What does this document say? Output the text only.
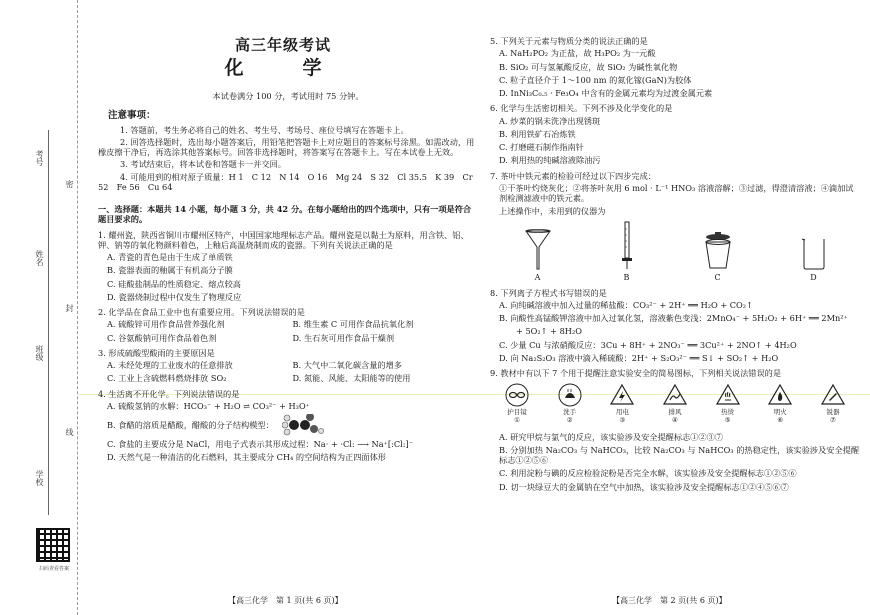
考号
姓名
班级
学校
密
封
线
扫码查看答案
高三年级考试
化　学
本试卷满分 100 分，考试用时 75 分钟。
注意事项：

1. 答题前，考生务必将自己的姓名、考生号、考场号、座位号填写在答题卡上。

2. 回答选择题时，选出每小题答案后，用铅笔把答题卡上对应题目的答案标号涂黑。如需改动，用橡皮擦干净后，再选涂其他答案标号。回答非选择题时，将答案写在答题卡上。写在本试卷上无效。

3. 考试结束后，将本试卷和答题卡一并交回。

4. 可能用到的相对原子质量：H 1　C 12　N 14　O 16　Mg 24　S 32　Cl 35.5　K 39　Cr 52　Fe 56　Cu 64

一、选择题：本题共 14 小题，每小题 3 分，共 42 分。在每小题给出的四个选项中，只有一项是符合题目要求的。
1. 耀州瓷，陕西省铜川市耀州区特产，中国国家地理标志产品。耀州瓷是以黏土为原料，用含铁、铝、钾、钠等的氧化物颜料着色，上釉后高温烧制而成的瓷器。下列有关说法正确的是
A. 青瓷的青色是由于生成了单质铁
B. 瓷器表面的釉属于有机高分子膜
C. 硅酸盐制品的性质稳定、熔点较高
D. 瓷器烧制过程中仅发生了物理反应
2. 化学品在食品工业中也有重要应用。下列说法错误的是
A. 硫酸锌可用作食品营养强化剂	B. 维生素 C 可用作食品抗氧化剂
C. 谷氨酸钠可用作食品着色剂	D. 生石灰可用作食品干燥剂
3. 形成硫酸型酸雨的主要原因是
A. 未经处理的工业废水的任意排放	B. 大气中二氧化碳含量的增多
C. 工业上含硫燃料燃烧排放 SO₂	D. 氮能、风能、太阳能等的使用
4. 生活离不开化学。下列说法错误的是
A. 硫酸氢钠的水解：HCO₃⁻ + H₂O ⇌ CO₃²⁻ + H₃O⁺
B. 食醋的溶质是醋酸，醋酸的分子结构模型：
C. 食盐的主要成分是 NaCl，用电子式表示其形成过程：Na· + ·Cl: ⟶ Na⁺[:Cl:]⁻
D. 天然气是一种清洁的化石燃料，其主要成分 CH₄ 的空间结构为正四面体形
【高三化学　第 1 页(共 6 页)】
5. 下列关于元素与物质分类的说法正确的是
A. NaH₂PO₂ 为正盐，故 H₃PO₂ 为一元酸
B. SiO₂ 可与氢氟酸反应，故 SiO₂ 为碱性氧化物
C. 粒子直径介于 1～100 nm 的氮化镓(GaN)为胶体
D. InNi₃C₀.₅ · Fe₃O₄ 中含有的金属元素均为过渡金属元素
6. 化学与生活密切相关。下列不涉及化学变化的是
A. 炒菜的锅未洗净出现锈斑
B. 利用铁矿石冶炼铁
C. 打磨磁石制作指南针
D. 利用热的纯碱溶液除油污
7. 茶叶中铁元素的检验可经过以下四步完成：
①干茶叶灼烧灰化；②将茶叶灰用 6 mol · L⁻¹ HNO₃ 溶液溶解；③过滤，得澄清溶液；④滴加试剂检测滤液中的铁元素。
上述操作中，未用到的仪器为
A	B	C	D
8. 下列离子方程式书写错误的是
A. 向纯碱溶液中加入过量的稀盐酸：CO₃²⁻ + 2H⁺ ══ H₂O + CO₂↑
B. 向酸性高锰酸钾溶液中加入过氧化氢，溶液紫色变浅：2MnO₄⁻ + 5H₂O₂ + 6H⁺ ══ 2Mn²⁺
+ 5O₂↑ + 8H₂O
C. 少量 Cu 与浓硝酸反应：3Cu + 8H⁺ + 2NO₃⁻ ══ 3Cu²⁺ + 2NO↑ + 4H₂O
D. 向 Na₂S₂O₃ 溶液中滴入稀硫酸：2H⁺ + S₂O₃²⁻ ══ S↓ + SO₂↑ + H₂O
9. 教材中有以下 7 个用于提醒注意实验安全的简易图标，下列相关说法错误的是
护目镜
①
洗手
②
用电
③
排风
④
热烫
⑤
明火
⑥
锐器
⑦
A. 研究甲烷与氯气的反应，该实验涉及安全提醒标志①②③⑦
B. 分别加热 Na₂CO₃ 与 NaHCO₃，比较 Na₂CO₃ 与 NaHCO₃ 的热稳定性，该实验涉及安全提醒标志①②⑤⑥
C. 利用淀粉与碘的反应检验淀粉是否完全水解，该实验涉及安全提醒标志①②⑤⑥
D. 切一块绿豆大的金属钠在空气中加热，该实验涉及安全提醒标志①②④⑤⑥⑦
【高三化学　第 2 页(共 6 页)】
